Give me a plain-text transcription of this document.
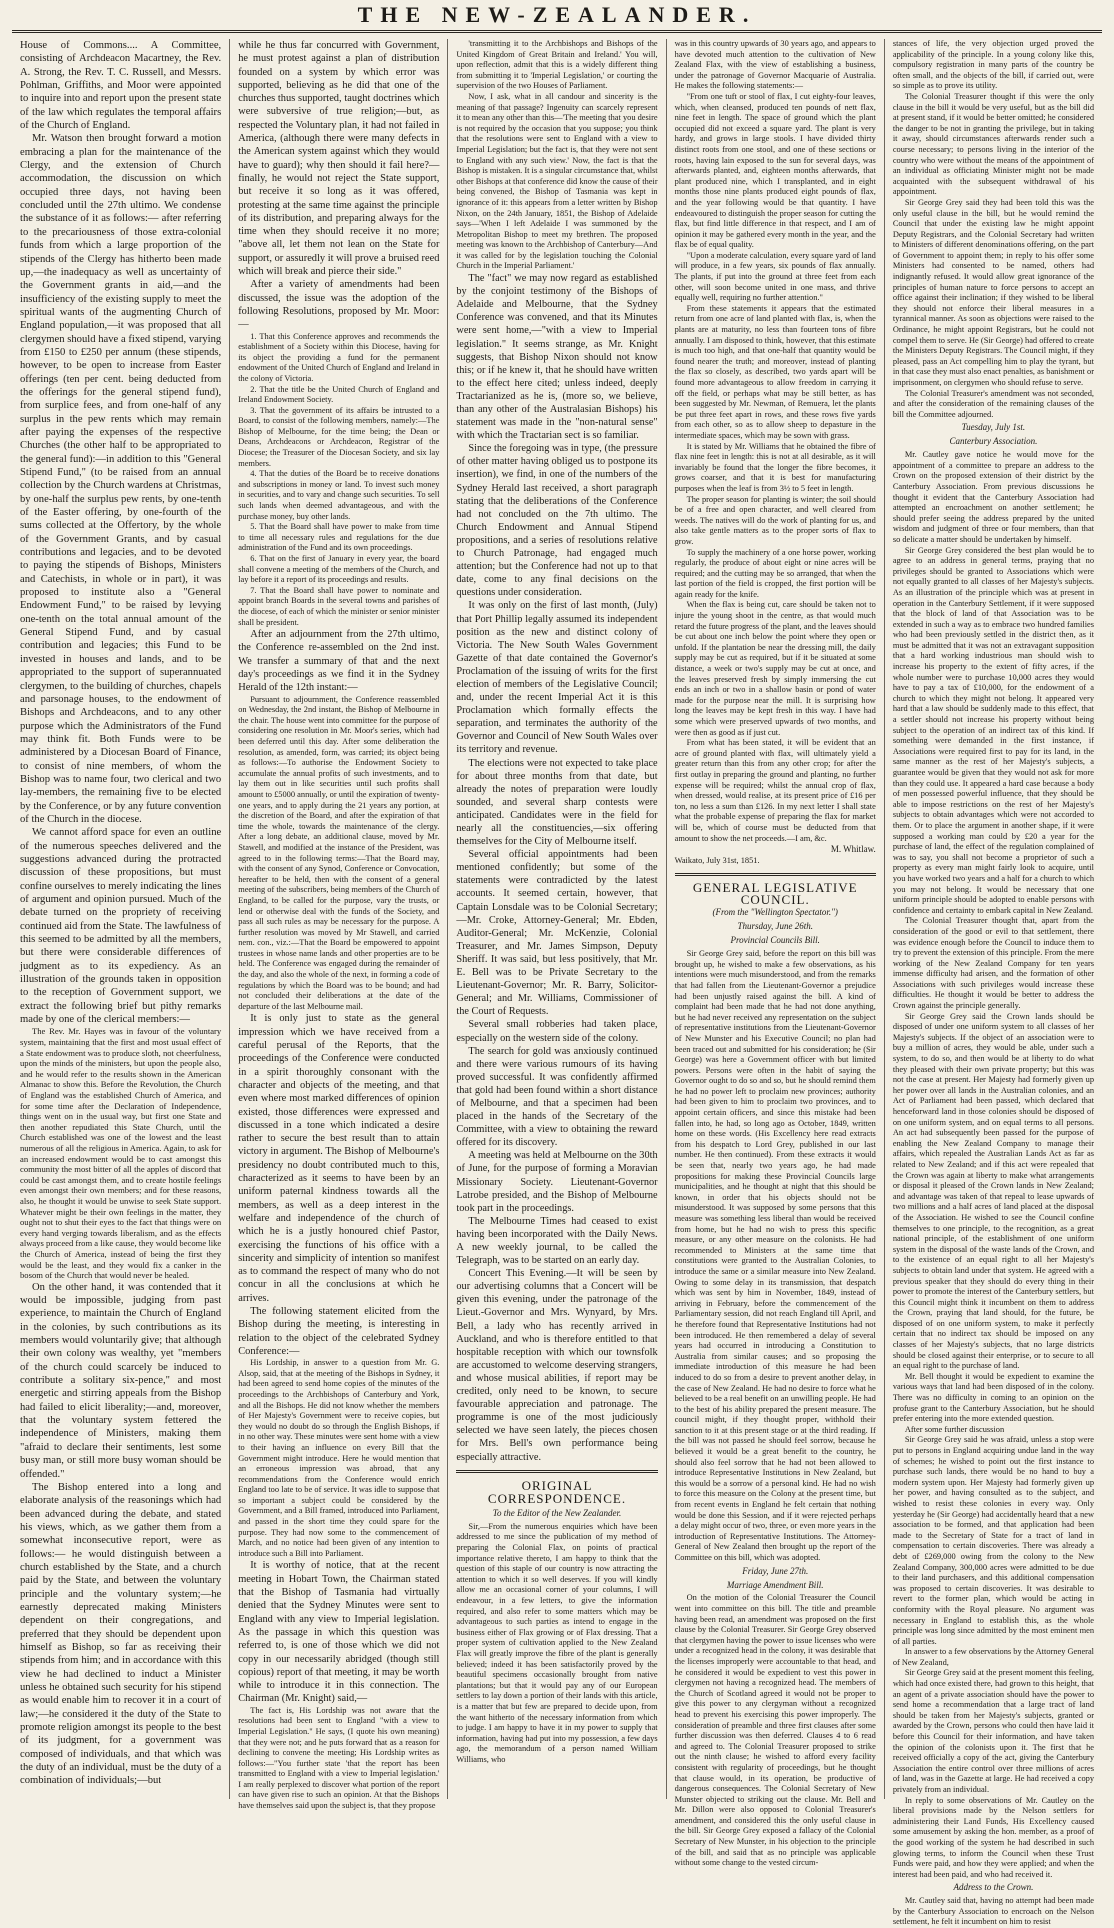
THE NEW-ZEALANDER.

House of Commons.... A Committee, consisting of Archdeacon Macartney, the Rev. A. Strong, the Rev. T. C. Russell, and Messrs. Pohlman, Griffiths, and Moor were appointed to inquire into and report upon the present state of the law which regulates the temporal affairs of the Church of England.

Mr. Watson then brought forward a motion embracing a plan for the maintenance of the Clergy, and the extension of Church accommodation, the discussion on which occupied three days, not having been concluded until the 27th ultimo. We condense the substance of it as follows:— after referring to the precariousness of those extra-colonial funds from which a large proportion of the stipends of the Clergy has hitherto been made up,—the inadequacy as well as uncertainty of the Government grants in aid,—and the insufficiency of the existing supply to meet the spiritual wants of the augmenting Church of England population,—it was proposed that all clergymen should have a fixed stipend, varying from £150 to £250 per annum (these stipends, however, to be open to increase from Easter offerings (ten per cent. being deducted from the offerings for the general stipend fund), from surplice fees, and from one-half of any surplus in the pew rents which may remain after paying the expenses of the respective Churches (the other half to be appropriated to the general fund):—in addition to this "General Stipend Fund," (to be raised from an annual collection by the Church wardens at Christmas, by one-half the surplus pew rents, by one-tenth of the Easter offering, by one-fourth of the sums collected at the Offertory, by the whole of the Government Grants, and by casual contributions and legacies, and to be devoted to paying the stipends of Bishops, Ministers and Catechists, in whole or in part), it was proposed to institute also a "General Endowment Fund," to be raised by levying one-tenth on the total annual amount of the General Stipend Fund, and by casual contribution and legacies; this Fund to be invested in houses and lands, and to be appropriated to the support of superannuated clergymen, to the building of churches, chapels and parsonage houses, to the endowment of Bishops and Archdeacons, and to any other purpose which the Administrators of the Fund may think fit. Both Funds were to be administered by a Diocesan Board of Finance, to consist of nine members, of whom the Bishop was to name four, two clerical and two lay-members, the remaining five to be elected by the Conference, or by any future convention of the Church in the diocese.

We cannot afford space for even an outline of the numerous speeches delivered and the suggestions advanced during the protracted discussion of these propositions, but must confine ourselves to merely indicating the lines of argument and opinion pursued. Much of the debate turned on the propriety of receiving continued aid from the State. The lawfulness of this seemed to be admitted by all the members, but there were considerable differences of judgment as to its expediency. As an illustration of the grounds taken in opposition to the reception of Government support, we extract the following brief but pithy remarks made by one of the clerical members:—

The Rev. Mr. Hayes was in favour of the voluntary system, maintaining that the first and most usual effect of a State endowment was to produce sloth, not cheerfulness, upon the minds of the ministers, but upon the people also, and he would refer to the results shown in the American Almanac to show this. Before the Revolution, the Church of England was the established Church of America, and for some time after the Declaration of Independence, things went on in the usual way, but first one State and then another repudiated this State Church, until the Church established was one of the lowest and the least numerous of all the religious in America. Again, to ask for an increased endowment would be to cast amongst this community the most bitter of all the apples of discord that could be cast amongst them, and to create hostile feelings even amongst their own members; and for these reasons, also, he thought it would be unwise to seek State support. Whatever might be their own feelings in the matter, they ought not to shut their eyes to the fact that things were on every hand verging towards liberalism, and as the effects always proceed from a like cause, they would become like the Church of America, instead of being the first they would be the least, and they would fix a canker in the bosom of the Church that would never be healed.

On the other hand, it was contended that it would be impossible, judging from past experience, to maintain the Church of England in the colonies, by such contributions as its members would voluntarily give; that although their own colony was wealthy, yet "members of the church could scarcely be induced to contribute a solitary six-pence," and most energetic and stirring appeals from the Bishop had failed to elicit liberality;—and, moreover, that the voluntary system fettered the independence of Ministers, making them "afraid to declare their sentiments, lest some busy man, or still more busy woman should be offended."

The Bishop entered into a long and elaborate analysis of the reasonings which had been advanced during the debate, and stated his views, which, as we gather them from a somewhat inconsecutive report, were as follows:— he would distinguish between a church established by the State, and a church paid by the State, and between the voluntary principle and the voluntary system;—he earnestly deprecated making Ministers dependent on their congregations, and preferred that they should be dependent upon himself as Bishop, so far as receiving their stipends from him; and in accordance with this view he had declined to induct a Minister unless he obtained such security for his stipend as would enable him to recover it in a court of law;—he considered it the duty of the State to promote religion amongst its people to the best of its judgment, for a government was composed of individuals, and that which was the duty of an individual, must be the duty of a combination of individuals;—but

while he thus far concurred with Government, he must protest against a plan of distribution founded on a system by which error was supported, believing as he did that one of the churches thus supported, taught doctrines which were subversive of true religion;—but, as respected the Voluntary plan, it had not failed in America, (although there were many defects in the American system against which they would have to guard); why then should it fail here?—finally, he would not reject the State support, but receive it so long as it was offered, protesting at the same time against the principle of its distribution, and preparing always for the time when they should receive it no more; "above all, let them not lean on the State for support, or assuredly it will prove a bruised reed which will break and pierce their side."

After a variety of amendments had been discussed, the issue was the adoption of the following Resolutions, proposed by Mr. Moor:—

1. That this Conference approves and recommends the establishment of a Society within this Diocese, having for its object the providing a fund for the permanent endowment of the United Church of England and Ireland in the colony of Victoria.

2. That the title be the United Church of England and Ireland Endowment Society.

3. That the government of its affairs be intrusted to a Board, to consist of the following members, namely:—The Bishop of Melbourne, for the time being; the Dean or Deans, Archdeacons or Archdeacon, Registrar of the Diocese; the Treasurer of the Diocesan Society, and six lay members.

4. That the duties of the Board be to receive donations and subscriptions in money or land. To invest such money in securities, and to vary and change such securities. To sell such lands when deemed advantageous, and with the purchase money, buy other lands.

5. That the Board shall have power to make from time to time all necessary rules and regulations for the due administration of the Fund and its own proceedings.

6. That on the first of January in every year, the board shall convene a meeting of the members of the Church, and lay before it a report of its proceedings and results.

7. That the Board shall have power to nominate and appoint branch Boards in the several towns and parishes of the diocese, of each of which the minister or senior minister shall be president.

After an adjournment from the 27th ultimo, the Conference re-assembled on the 2nd inst. We transfer a summary of that and the next day's proceedings as we find it in the Sydney Herald of the 12th instant:—

Pursuant to adjournment, the Conference reassembled on Wednesday, the 2nd instant, the Bishop of Melbourne in the chair. The house went into committee for the purpose of considering one resolution in Mr. Moor's series, which had been deferred until this day. After some deliberation the resolution, as amended, form, was carried; its object being as follows:—To authorise the Endowment Society to accumulate the annual profits of such investments, and to lay them out in like securities until such profits shall amount to £5000 annually, or until the expiration of twenty-one years, and to apply during the 21 years any portion, at the discretion of the Board, and after the expiration of that time the whole, towards the maintenance of the clergy. After a long debate, an additional clause, moved by Mr. Stawell, and modified at the instance of the President, was agreed to in the following terms:—That the Board may, with the consent of any Synod, Conference or Convocation, hereafter to be held, then with the consent of a general meeting of the subscribers, being members of the Church of England, to be called for the purpose, vary the trusts, or lend or otherwise deal with the funds of the Society, and pass all such rules as may be necessary for the purpose. A further resolution was moved by Mr Stawell, and carried nem. con., viz.:—That the Board be empowered to appoint trustees in whose name lands and other properties are to be held. The Conference was engaged during the remainder of the day, and also the whole of the next, in forming a code of regulations by which the Board was to be bound; and had not concluded their deliberations at the date of the departure of the last Melbourne mail.

It is only just to state as the general impression which we have received from a careful perusal of the Reports, that the proceedings of the Conference were conducted in a spirit thoroughly consonant with the character and objects of the meeting, and that even where most marked differences of opinion existed, those differences were expressed and discussed in a tone which indicated a desire rather to secure the best result than to attain victory in argument. The Bishop of Melbourne's presidency no doubt contributed much to this, characterized as it seems to have been by an uniform paternal kindness towards all the members, as well as a deep interest in the welfare and independence of the church of which he is a justly honoured chief Pastor, exercising the functions of his office with a sincerity and simplicity of intention so manifest as to command the respect of many who do not concur in all the conclusions at which he arrives.

The following statement elicited from the Bishop during the meeting, is interesting in relation to the object of the celebrated Sydney Conference:—

His Lordship, in answer to a question from Mr. G. Alsop, said, that at the meeting of the Bishops in Sydney, it had been agreed to send home copies of the minutes of the proceedings to the Archbishops of Canterbury and York, and all the Bishops. He did not know whether the members of Her Majesty's Government were to receive copies, but they would no doubt do so through the English Bishops, if in no other way. These minutes were sent home with a view to their having an influence on every Bill that the Government might introduce. Here he would mention that an erroneous impression was abroad, that any recommendations from the Conference would enrich England too late to be of service. It was idle to suppose that so important a subject could be considered by the Government, and a Bill framed, introduced into Parliament, and passed in the short time they could spare for the purpose. They had now some to the commencement of March, and no notice had been given of any intention to introduce such a Bill into Parliament.

It is worthy of notice, that at the recent meeting in Hobart Town, the Chairman stated that the Bishop of Tasmania had virtually denied that the Sydney Minutes were sent to England with any view to Imperial legislation. As the passage in which this question was referred to, is one of those which we did not copy in our necessarily abridged (though still copious) report of that meeting, it may be worth while to introduce it in this connection. The Chairman (Mr. Knight) said,—

The fact is, His Lordship was not aware that the resolutions had been sent to England "with a view to Imperial Legislation." He says, (I quote his own meaning) that they were not; and he puts forward that as a reason for declining to convene the meeting; His Lordship writes as follows:—"You further state 'that the report has been transmitted to England with a view to Imperial legislation.' I am really perplexed to discover what portion of the report can have given rise to such an opinion. At that the Bishops have themselves said upon the subject is, that they propose

'transmitting it to the Archbishops and Bishops of the United Kingdom of Great Britain and Ireland.' You will, upon reflection, admit that this is a widely different thing from submitting it to 'Imperial Legislation,' or courting the supervision of the two Houses of Parliament.

Now, I ask, what in all candour and sincerity is the meaning of that passage? Ingenuity can scarcely represent it to mean any other than this—'The meeting that you desire is not required by the occasion that you suppose; you think that the resolutions were sent to England with a view to Imperial Legislation; but the fact is, that they were not sent to England with any such view.' Now, the fact is that the Bishop is mistaken. It is a singular circumstance that, whilst other Bishops at that conference did know the cause of their being convened, the Bishop of Tasmania was kept in ignorance of it: this appears from a letter written by Bishop Nixon, on the 24th January, 1851, the Bishop of Adelaide says—'When I left Adelaide I was summoned by the Metropolitan Bishop to meet my brethren. The proposed meeting was known to the Archbishop of Canterbury—And it was called for by the legislation touching the Colonial Church in the Imperial Parliament.'

The "fact" we may now regard as established by the conjoint testimony of the Bishops of Adelaide and Melbourne, that the Sydney Conference was convened, and that its Minutes were sent home,—"with a view to Imperial legislation." It seems strange, as Mr. Knight suggests, that Bishop Nixon should not know this; or if he knew it, that he should have written to the effect here cited; unless indeed, deeply Tractarianized as he is, (more so, we believe, than any other of the Australasian Bishops) his statement was made in the "non-natural sense" with which the Tractarian sect is so familiar.

Since the foregoing was in type, (the pressure of other matter having obliged us to postpone its insertion), we find, in one of the numbers of the Sydney Herald last received, a short paragraph stating that the deliberations of the Conference had not concluded on the 7th ultimo. The Church Endowment and Annual Stipend propositions, and a series of resolutions relative to Church Patronage, had engaged much attention; but the Conference had not up to that date, come to any final decisions on the questions under consideration.

It was only on the first of last month, (July) that Port Phillip legally assumed its independent position as the new and distinct colony of Victoria. The New South Wales Government Gazette of that date contained the Governor's Proclamation of the issuing of writs for the first election of members of the Legislative Council; and, under the recent Imperial Act it is this Proclamation which formally effects the separation, and terminates the authority of the Governor and Council of New South Wales over its territory and revenue.

The elections were not expected to take place for about three months from that date, but already the notes of preparation were loudly sounded, and several sharp contests were anticipated. Candidates were in the field for nearly all the constituencies,—six offering themselves for the City of Melbourne itself.

Several official appointments had been mentioned confidently; but some of the statements were contradicted by the latest accounts. It seemed certain, however, that Captain Lonsdale was to be Colonial Secretary;—Mr. Croke, Attorney-General; Mr. Ebden, Auditor-General; Mr. McKenzie, Colonial Treasurer, and Mr. James Simpson, Deputy Sheriff. It was said, but less positively, that Mr. E. Bell was to be Private Secretary to the Lieutenant-Governor; Mr. R. Barry, Solicitor-General; and Mr. Williams, Commissioner of the Court of Requests.

Several small robberies had taken place, especially on the western side of the colony.

The search for gold was anxiously continued and there were various rumours of its having proved successful. It was confidently affirmed that gold had been found within a short distance of Melbourne, and that a specimen had been placed in the hands of the Secretary of the Committee, with a view to obtaining the reward offered for its discovery.

A meeting was held at Melbourne on the 30th of June, for the purpose of forming a Moravian Missionary Society. Lieutenant-Governor Latrobe presided, and the Bishop of Melbourne took part in the proceedings.

The Melbourne Times had ceased to exist having been incorporated with the Daily News. A new weekly journal, to be called the Telegraph, was to be started on an early day.

Concert This Evening.—It will be seen by our advertising columns that a Concert will be given this evening, under the patronage of the Lieut.-Governor and Mrs. Wynyard, by Mrs. Bell, a lady who has recently arrived in Auckland, and who is therefore entitled to that hospitable reception with which our townsfolk are accustomed to welcome deserving strangers, and whose musical abilities, if report may be credited, only need to be known, to secure favourable appreciation and patronage. The programme is one of the most judiciously selected we have seen lately, the pieces chosen for Mrs. Bell's own performance being especially attractive.

ORIGINAL CORRESPONDENCE.
To the Editor of the New Zealander.

Sir,—From the numerous enquiries which have been addressed to me since the publication of my method of preparing the Colonial Flax, on points of practical importance relative thereto, I am happy to think that the question of this staple of our country is now attracting the attention to which it so well deserves. If you will kindly allow me an occasional corner of your columns, I will endeavour, in a few letters, to give the information required, and also refer to some matters which may be advantageous to such parties as intend to engage in the business either of Flax growing or of Flax dressing. That a proper system of cultivation applied to the New Zealand Flax will greatly improve the fibre of the plant is generally believed; indeed it has been satisfactorily proved by the beautiful specimens occasionally brought from native plantations; but that it would pay any of our European settlers to lay down a portion of their lands with this article, is a matter that but few are prepared to decide upon, from the want hitherto of the necessary information from which to judge. I am happy to have it in my power to supply that information, having had put into my possession, a few days ago, the memorandum of a person named William Williams, who

was in this country upwards of 30 years ago, and appears to have devoted much attention to the cultivation of New Zealand Flax, with the view of establishing a business, under the patronage of Governor Macquarie of Australia. He makes the following statements:—

"From one tuft or stool of flax, I cut eighty-four leaves, which, when cleansed, produced ten pounds of nett flax, nine feet in length. The space of ground which the plant occupied did not exceed a square yard. The plant is very hardy, and grows in large stools. I have divided thirty distinct roots from one stool, and one of these sections or roots, having lain exposed to the sun for several days, was afterwards planted, and, eighteen months afterwards, that plant produced nine, which I transplanted, and in eight months those nine plants produced eight pounds of flax, and the year following would be that quantity. I have endeavoured to distinguish the proper season for cutting the flax, but find little difference in that respect, and I am of opinion it may be gathered every month in the year, and the flax be of equal quality.

"Upon a moderate calculation, every square yard of land will produce, in a few years, six pounds of flax annually. The plants, if put into the ground at three feet from each other, will soon become united in one mass, and thrive equally well, requiring no further attention."

From these statements it appears that the estimated return from one acre of land planted with flax, is, when the plants are at maturity, no less than fourteen tons of fibre annually. I am disposed to think, however, that this estimate is much too high, and that one-half that quantity would be found nearer the truth; and moreover, instead of planting the flax so closely, as described, two yards apart will be found more advantageous to allow freedom in carrying it off the field, or perhaps what may be still better, as has been suggested by Mr. Newman, of Remuera, let the plants be put three feet apart in rows, and these rows five yards from each other, so as to allow sheep to depasture in the intermediate spaces, which may be sown with grass.

It is stated by Mr. Williams that he obtained the fibre of flax nine feet in length: this is not at all desirable, as it will invariably be found that the longer the fibre becomes, it grows coarser, and that it is best for manufacturing purposes when the leaf is from 3½ to 5 feet in length.

The proper season for planting is winter; the soil should be of a free and open character, and well cleared from weeds. The natives will do the work of planting for us, and also take gentle matters as to the proper sorts of flax to grow.

To supply the machinery of a one horse power, working regularly, the produce of about eight or nine acres will be required; and the cutting may be so arranged, that when the last portion of the field is cropped, the first portion will be again ready for the knife.

When the flax is being cut, care should be taken not to injure the young shoot in the centre, as that would much retard the future progress of the plant, and the leaves should be cut about one inch below the point where they open or unfold. If the plantation be near the dressing mill, the daily supply may be cut as required, but if it be situated at some distance, a week or two's supply may be cut at once, and the leaves preserved fresh by simply immersing the cut ends an inch or two in a shallow basin or pond of water made for the purpose near the mill. It is surprising how long the leaves may be kept fresh in this way. I have had some which were preserved upwards of two months, and were then as good as if just cut.

From what has been stated, it will be evident that an acre of ground planted with flax, will ultimately yield a greater return than this from any other crop; for after the first outlay in preparing the ground and planting, no further expense will be required; whilst the annual crop of flax, when dressed, would realise, at its present price of £16 per ton, no less a sum than £126. In my next letter I shall state what the probable expense of preparing the flax for market will be, which of course must be deducted from that amount to show the net proceeds.—I am, &c.

M. Whitlaw.
Waikato, July 31st, 1851.
GENERAL LEGISLATIVE COUNCIL.
(From the "Wellington Spectator.")
Thursday, June 26th.
Provincial Councils Bill.

Sir George Grey said, before the report on this bill was brought up, he wished to make a few observations, as his intentions were much misunderstood, and from the remarks that had fallen from the Lieutenant-Governor a prejudice had been unjustly raised against the bill. A kind of complaint had been made that he had not done anything, but he had never received any representation on the subject of representative institutions from the Lieutenant-Governor of New Munster and his Executive Council; no plan had been traced out and submitted for his consideration; he (Sir George) was here a Government officer with but limited powers. Persons were often in the habit of saying the Governor ought to do so and so, but he should remind them he had no power left to proclaim new provinces; authority had been given to him to proclaim two provinces, and to appoint certain officers, and since this mistake had been fallen into, he had, so long ago as October, 1849, written home on these words. (His Excellency here read extracts from his despatch to Lord Grey, published in our last number. He then continued). From these extracts it would be seen that, nearly two years ago, he had made propositions for making these Provincial Councils large municipalities, and he thought at night that this should be known, in order that his objects should not be misunderstood. It was supposed by some persons that this measure was something less liberal than would be received from home, but he had no wish to press this specific measure, or any other measure on the colonists. He had recommended to Ministers at the same time that constitutions were granted to the Australian Colonies, to introduce the same or a similar measure into New Zealand. Owing to some delay in its transmission, that despatch which was sent by him in November, 1849, instead of arriving in February, before the commencement of the Parliamentary session, did not reach England till April, and he therefore found that Representative Institutions had not been introduced. He then remembered a delay of several years had occurred in introducing a Constitution to Australia from similar causes; and so proposing the immediate introduction of this measure he had been induced to do so from a desire to prevent another delay, in the case of New Zealand. He had no desire to force what he believed to be a real benefit on an unwilling people. He had to the best of his ability prepared the present measure. The council might, if they thought proper, withhold their sanction to it at this present stage or at the third reading. If the bill was not passed he should feel sorrow, because he believed it would be a great benefit to the country, he should also feel sorrow that he had not been allowed to introduce Representative Institutions in New Zealand, but this would be a sorrow of a personal kind. He had no wish to force this measure on the Colony at the present time, but from recent events in England he felt certain that nothing would be done this Session, and if it were rejected perhaps a delay might occur of two, three, or even more years in the introduction of Representative Institutions. The Attorney-General of New Zealand then brought up the report of the Committee on this bill, which was adopted.

Friday, June 27th.
Marriage Amendment Bill.

On the motion of the Colonial Treasurer the Council went into committee on this bill. The title and preamble having been read, an amendment was proposed on the first clause by the Colonial Treasurer. Sir George Grey observed that clergymen having the power to issue licenses who were under a recognized head in the colony, it was desirable that the licenses improperly were accountable to that head, and he considered it would be expedient to vest this power in clergymen not having a recognized head. The members of the Church of Scotland agreed it would not be proper to give this power to any clergyman without a recognized head to prevent his exercising this power improperly. The consideration of preamble and three first clauses after some further discussion was then deferred. Clauses 4 to 6 read and agreed to. The Colonial Treasurer proposed to strike out the ninth clause; he wished to afford every facility consistent with regularity of proceedings, but he thought that clause would, in its operation, be productive of dangerous consequences. The Colonial Secretary of New Munster objected to striking out the clause. Mr. Bell and Mr. Dillon were also opposed to Colonial Treasurer's amendment, and considered this the only useful clause in the bill. Sir George Grey exposed a fallacy of the Colonial Secretary of New Munster, in his objection to the principle of the bill, and said that as no principle was applicable without some change to the vested circum-

stances of life, the very objection urged proved the applicability of the principle. In a young colony like this, compulsory registration in many parts of the country be often small, and the objects of the bill, if carried out, were so simple as to prove its utility.

The Colonial Treasurer thought if this were the only clause in the bill it would be very useful, but as the bill did at present stand, if it would be better omitted; he considered the danger to be not in granting the privilege, but in taking it away, should circumstances afterwards render such a course necessary; to persons living in the interior of the country who were without the means of the appointment of an individual as officiating Minister might not be made acquainted with the subsequent withdrawal of his appointment.

Sir George Grey said they had been told this was the only useful clause in the bill, but he would remind the Council that under the existing law he might appoint Deputy Registrars, and the Colonial Secretary had written to Ministers of different denominations offering, on the part of Government to appoint them; in reply to his offer some Ministers had consented to be named, others had indignantly refused. It would allow great ignorance of the principles of human nature to force persons to accept an office against their inclination; if they wished to be liberal they should not enforce their liberal measures in a tyrannical manner. As soon as objections were raised to the Ordinance, he might appoint Registrars, but he could not compel them to serve. He (Sir George) had offered to create the Ministers Deputy Registrars. The Council might, if they pleased, pass an Act compelling him to play the tyrant, but in that case they must also enact penalties, as banishment or imprisonment, on clergymen who should refuse to serve.

The Colonial Treasurer's amendment was not seconded, and after the consideration of the remaining clauses of the bill the Committee adjourned.

Tuesday, July 1st.
Canterbury Association.

Mr. Cautley gave notice he would move for the appointment of a committee to prepare an address to the Crown on the proposed extension of their district by the Canterbury Association. From previous discussions he thought it evident that the Canterbury Association had attempted an encroachment on another settlement; he should prefer seeing the address prepared by the united wisdom and judgment of three or four members, than that so delicate a matter should be undertaken by himself.

Sir George Grey considered the best plan would be to agree to an address in general terms, praying that no privileges should be granted to Associations which were not equally granted to all classes of her Majesty's subjects. As an illustration of the principle which was at present in operation in the Canterbury Settlement, if it were supposed that the block of land of that Association was to be extended in such a way as to embrace two hundred families who had been previously settled in the district then, as it must be admitted that it was not an extravagant supposition that a hard working industrious man should wish to increase his property to the extent of fifty acres, if the whole number were to purchase 10,000 acres they would have to pay a tax of £10,000, for the endowment of a church to which they might not belong. It appeared very hard that a law should be suddenly made to this effect, that a settler should not increase his property without being subject to the operation of an indirect tax of this kind. If something were demanded in the first instance, if Associations were required first to pay for its land, in the same manner as the rest of her Majesty's subjects, a guarantee would be given that they would not ask for more than they could use. It appeared a hard case because a body of men possessed powerful influence, that they should be able to impose restrictions on the rest of her Majesty's subjects to obtain advantages which were not accorded to them. Or to place the argument in another shape, if it were supposed a working man could by £20 a year for the purchase of land, the effect of the regulation complained of was to say, you shall not become a proprietor of such a property as every man might fairly look to acquire, until you have worked two years and a half for a church to which you may not belong. It would be necessary that one uniform principle should be adopted to enable persons with confidence and certainty to embark capital in New Zealand.

The Colonial Treasurer thought that, apart from the consideration of the good or evil to that settlement, there was evidence enough before the Council to induce them to try to prevent the extension of this principle. From the mere working of the New Zealand Company for ten years immense difficulty had arisen, and the formation of other Associations with such privileges would increase these difficulties. He thought it would be better to address the Crown against the principle generally.

Sir George Grey said the Crown lands should be disposed of under one uniform system to all classes of her Majesty's subjects. If the object of an association were to buy a million of acres, they would be able, under such a system, to do so, and then would be at liberty to do what they pleased with their own private property; but this was not the case at present. Her Majesty had formerly given up her power over all lands in the Australian colonies, and an Act of Parliament had been passed, which declared that henceforward land in those colonies should be disposed of on one uniform system, and on equal terms to all persons. An act had subsequently been passed for the purpose of enabling the New Zealand Company to manage their affairs, which repealed the Australian Lands Act as far as related to New Zealand; and if this act were repealed that the Crown was again at liberty to make what arrangements or disposal it pleased of the Crown lands in New Zealand; and advantage was taken of that repeal to lease upwards of two millions and a half acres of land placed at the disposal of the Association. He wished to see the Council confine themselves to one principle, to the recognition, as a great national principle, of the establishment of one uniform system in the disposal of the waste lands of the Crown, and to the existence of an equal right to all her Majesty's subjects to obtain land under that system. He agreed with a previous speaker that they should do every thing in their power to promote the interest of the Canterbury settlers, but this Council might think it incumbent on them to address the Crown, praying that land should, for the future, be disposed of on one uniform system, to make it perfectly certain that no indirect tax should be imposed on any classes of her Majesty's subjects, that no large districts should be closed against their enterprise, or to secure to all an equal right to the purchase of land.

Mr. Bell thought it would be expedient to examine the various ways that land had been disposed of in the colony. There was no difficulty in coming to an opinion on the profuse grant to the Canterbury Association, but he should prefer entering into the more extended question.

After some further discussion

Sir George Grey said he was afraid, unless a stop were put to persons in England acquiring undue land in the way of schemes; he wished to point out the first instance to purchase such lands, there would be no hand to buy a modern system upon. Her Majesty had formerly given up her power, and having consulted as to the subject, and wished to resist these colonies in every way. Only yesterday he (Sir George) had accidentally heard that a new association to be formed, and that application had been made to the Secretary of State for a tract of land in compensation to certain discoveries. There was already a debt of £269,000 owing from the colony to the New Zealand Company, 300,000 acres were admitted to be due to their land purchasers, and this additional compensation was proposed to certain discoveries. It was desirable to revert to the former plan, which would be acting in conformity with the Royal pleasure. No argument was necessary in England to establish this, as the whole principle was long since admitted by the most eminent men of all parties.

In answer to a few observations by the Attorney General of New Zealand,

Sir George Grey said at the present moment this feeling, which had once existed there, had grown to this height, that an agent of a private association should have the power to send home a recommendation that a large tract of land should be taken from her Majesty's subjects, granted or awarded by the Crown, persons who could then have laid it before this Council for their information, and have taken the opinion of the colonists upon it. The first that he received officially a copy of the act, giving the Canterbury Association the entire control over three millions of acres of land, was in the Gazette at large. He had received a copy privately from an individual.

In reply to some observations of Mr. Cautley on the liberal provisions made by the Nelson settlers for administering their Land Funds, His Excellency caused some amusement by asking the hon. member, as a proof of the good working of the system he had described in such glowing terms, to inform the Council when these Trust Funds were paid, and how they were applied; and when the interest had been paid, and who had received it.

Address to the Crown.

Mr. Cautley said that, having no attempt had been made by the Canterbury Association to encroach on the Nelson settlement, he felt it incumbent on him to resist
